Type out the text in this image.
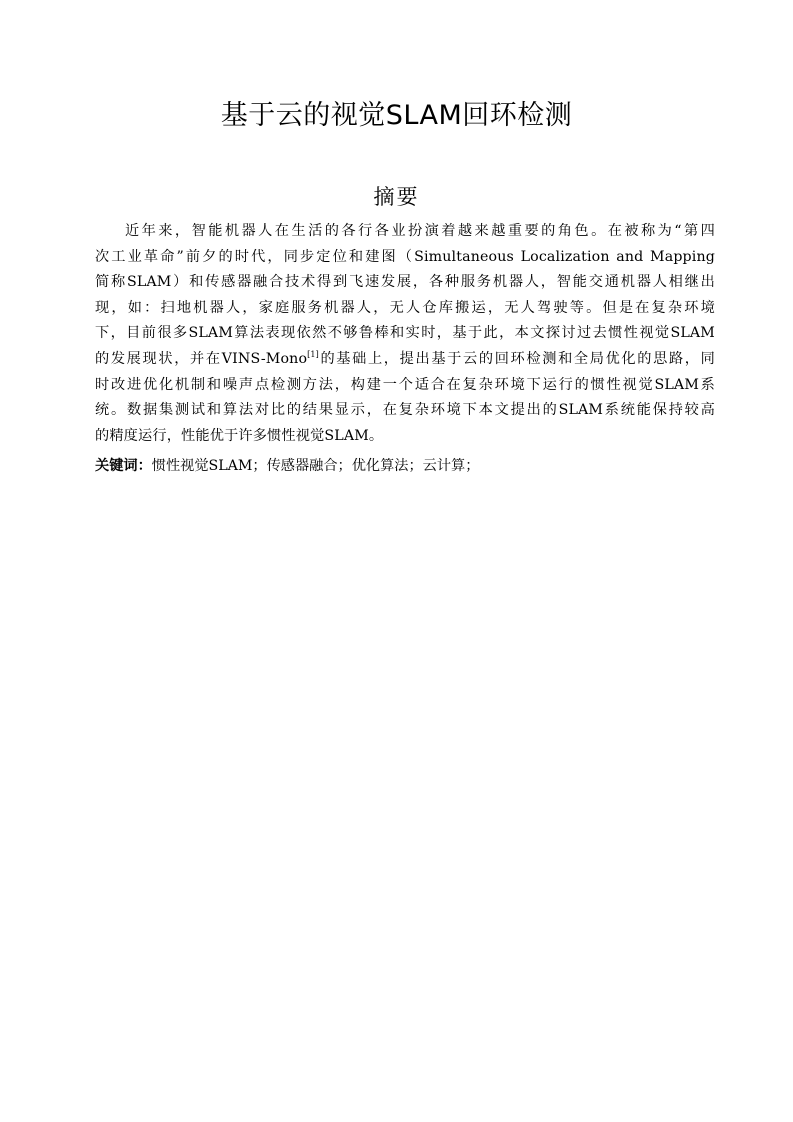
基于云的视觉SLAM回环检测
摘要
近年来，智能机器人在生活的各行各业扮演着越来越重要的角色。在被称为“第四
次工业革命”前夕的时代，同步定位和建图（Simultaneous Localization and Mapping
简称SLAM）和传感器融合技术得到飞速发展，各种服务机器人，智能交通机器人相继出
现，如：扫地机器人，家庭服务机器人，无人仓库搬运，无人驾驶等。但是在复杂环境
下，目前很多SLAM算法表现依然不够鲁棒和实时，基于此，本文探讨过去惯性视觉SLAM
的发展现状，并在VINS-Mono[1]的基础上，提出基于云的回环检测和全局优化的思路，同
时改进优化机制和噪声点检测方法，构建一个适合在复杂环境下运行的惯性视觉SLAM系
统。数据集测试和算法对比的结果显示，在复杂环境下本文提出的SLAM系统能保持较高
的精度运行，性能优于许多惯性视觉SLAM。
关键词：惯性视觉SLAM；传感器融合；优化算法；云计算；
